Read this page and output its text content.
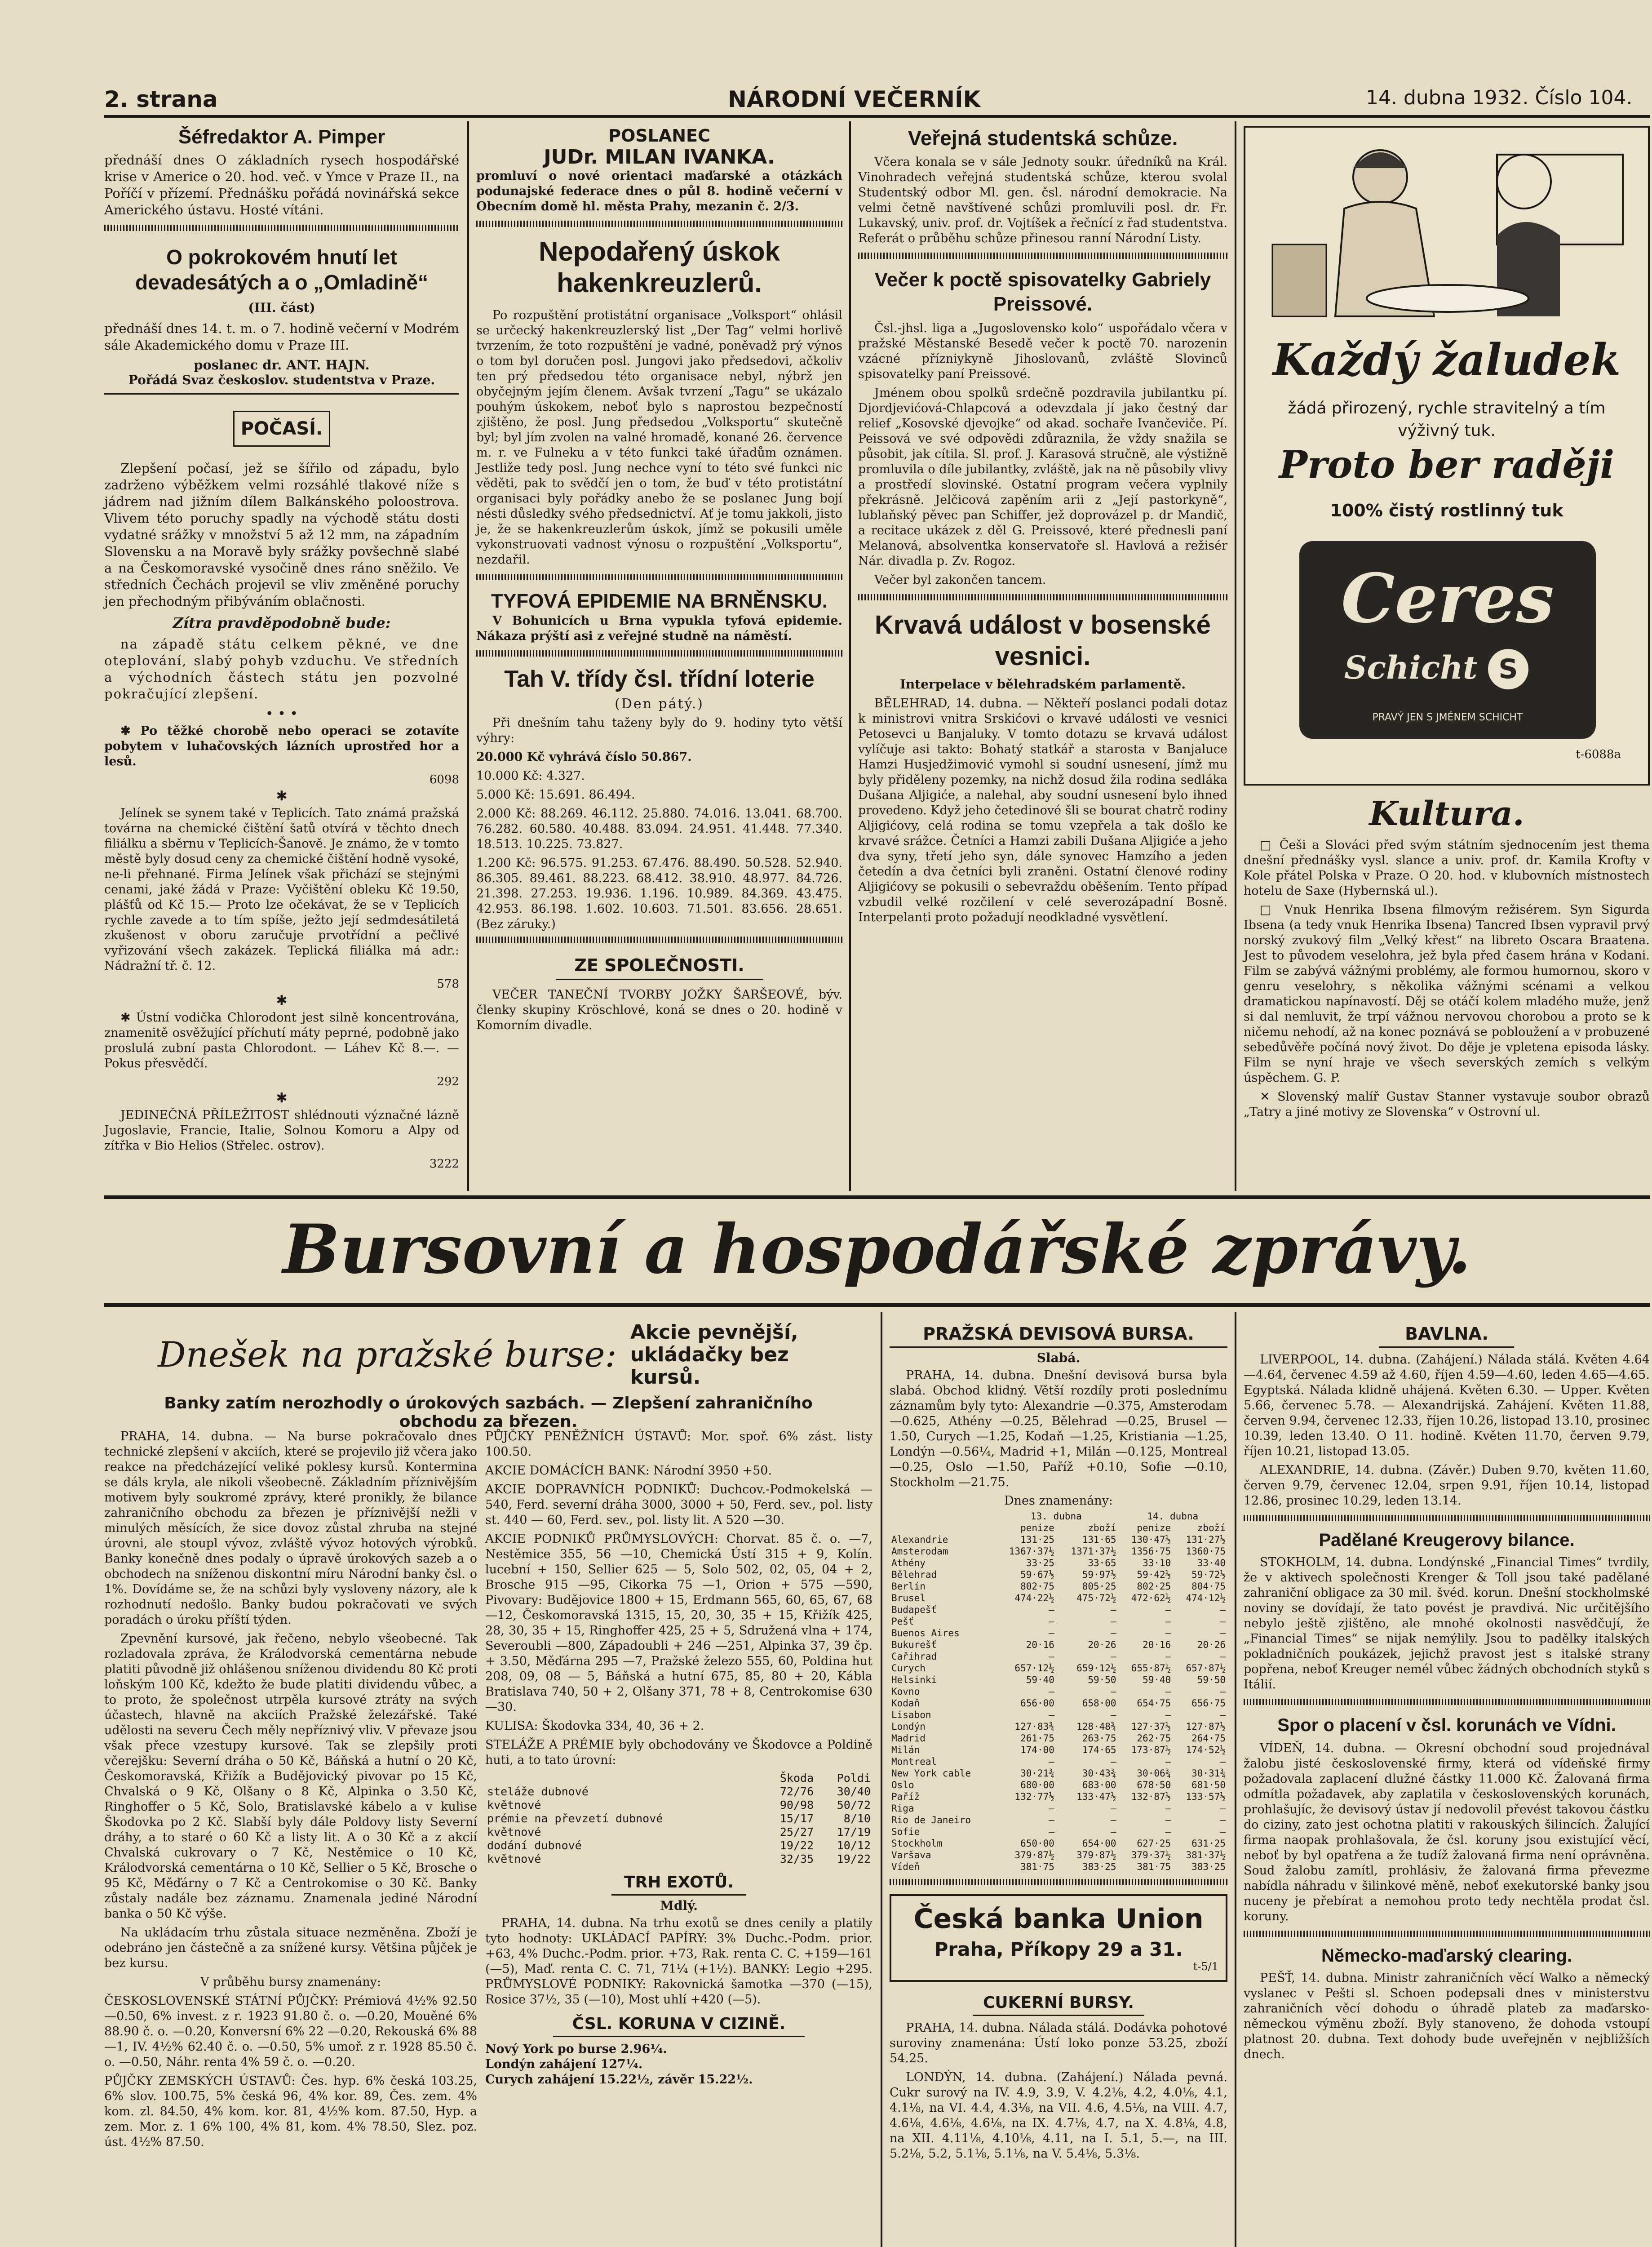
2. strana	NÁRODNÍ VEČERNÍK	14. dubna 1932. Číslo 104.
Šéfredaktor A. Pimper

přednáší dnes O základních rysech hospodářské krise v Americe o 20. hod. več. v Ymce v Praze II., na Poříčí v přízemí. Přednášku pořádá novinářská sekce Amerického ústavu. Hosté vítáni.

O pokrokovém hnutí let devadesátých a o „Omladině“
(III. část)

přednáší dnes 14. t. m. o 7. hodině večerní v Modrém sále Akademického domu v Praze III.

poslanec dr. ANT. HAJN.
Pořádá Svaz českoslov. studentstva v Praze.
POČASÍ.

Zlepšení počasí, jež se šířilo od západu, bylo zadrženo výběžkem velmi rozsáhlé tlakové níže s jádrem nad jižním dílem Balkánského poloostrova. Vlivem této poruchy spadly na východě státu dosti vydatné srážky v množství 5 až 12 mm, na západním Slovensku a na Moravě byly srážky povšechně slabé a na Českomoravské vysočině dnes ráno sněžilo. Ve středních Čechách projevil se vliv změněné poruchy jen přechodným přibýváním oblačnosti.

Zítra pravděpodobně bude:

na západě státu celkem pěkné, ve dne oteplování, slabý pohyb vzduchu. Ve středních a východních částech státu jen pozvolné pokračující zlepšení.

• • •

✱ Po těžké chorobě nebo operaci se zotavíte pobytem v luhačovských lázních uprostřed hor a lesů.

6098
✱

Jelínek se synem také v Teplicích. Tato známá pražská továrna na chemické čištění šatů otvírá v těchto dnech filiálku a sběrnu v Teplicích-Šanově. Je známo, že v tomto městě byly dosud ceny za chemické čištění hodně vysoké, ne-li přehnané. Firma Jelínek však přichází se stejnými cenami, jaké žádá v Praze: Vyčištění obleku Kč 19.50, plášťů od Kč 15.— Proto lze očekávat, že se v Teplicích rychle zavede a to tím spíše, ježto její sedmdesátiletá zkušenost v oboru zaručuje prvotřídní a pečlivé vyřizování všech zakázek. Teplická filiálka má adr.: Nádražní tř. č. 12.

578
✱

✱ Ústní vodička Chlorodont jest silně koncentrována, znamenitě osvěžující příchutí máty peprné, podobně jako proslulá zubní pasta Chlorodont. — Láhev Kč 8.—. — Pokus přesvědčí.

292
✱

JEDINEČNÁ PŘÍLEŽITOST shlédnouti význačné lázně Jugoslavie, Francie, Italie, Solnou Komoru a Alpy od zítřka v Bio Helios (Střelec. ostrov).

3222
POSLANEC
JUDr. MILAN IVANKA.

promluví o nové orientaci maďarské a otázkách podunajské federace dnes o půl 8. hodině večerní v Obecním domě hl. města Prahy, mezanin č. 2/3.

Nepodařený úskok hakenkreuzlerů.

Po rozpuštění protistátní organisace „Volksport“ ohlásil se určecký hakenkreuzlerský list „Der Tag“ velmi horlivě tvrzením, že toto rozpuštění je vadné, poněvadž prý výnos o tom byl doručen posl. Jungovi jako předsedovi, ačkoliv ten prý předsedou této organisace nebyl, nýbrž jen obyčejným jejím členem. Avšak tvrzení „Tagu“ se ukázalo pouhým úskokem, neboť bylo s naprostou bezpečností zjištěno, že posl. Jung předsedou „Volksportu“ skutečně byl; byl jím zvolen na valné hromadě, konané 26. července m. r. ve Fulneku a v této funkci také úřadům oznámen. Jestliže tedy posl. Jung nechce vyní to této své funkci nic věděti, pak to svědčí jen o tom, že buď v této protistátní organisaci byly pořádky anebo že se poslanec Jung bojí nésti důsledky svého předsednictví. Ať je tomu jakkoli, jisto je, že se hakenkreuzlerům úskok, jímž se pokusili uměle vykonstruovati vadnost výnosu o rozpuštění „Volksportu“, nezdařil.

TYFOVÁ EPIDEMIE NA BRNĚNSKU.

V Bohunicích u Brna vypukla tyfová epidemie. Nákaza prýští asi z veřejné studně na náměstí.

Tah V. třídy čsl. třídní loterie
(Den pátý.)

Při dnešním tahu taženy byly do 9. hodiny tyto větší výhry:

20.000 Kč vyhrává číslo 50.867.

10.000 Kč: 4.327.

5.000 Kč: 15.691. 86.494.

2.000 Kč: 88.269. 46.112. 25.880. 74.016. 13.041. 68.700. 76.282. 60.580. 40.488. 83.094. 24.951. 41.448. 77.340. 18.513. 10.225. 73.827.

1.200 Kč: 96.575. 91.253. 67.476. 88.490. 50.528. 52.940. 86.305. 89.461. 88.223. 68.412. 38.910. 48.977. 84.726. 21.398. 27.253. 19.936. 1.196. 10.989. 84.369. 43.475. 42.953. 86.198. 1.602. 10.603. 71.501. 83.656. 28.651. (Bez záruky.)

ZE SPOLEČNOSTI.

VEČER TANEČNÍ TVORBY JOŽKY ŠARŠEOVÉ, býv. členky skupiny Kröschlové, koná se dnes o 20. hodině v Komorním divadle.

Veřejná studentská schůze.

Včera konala se v sále Jednoty soukr. úředníků na Král. Vinohradech veřejná studentská schůze, kterou svolal Studentský odbor Ml. gen. čsl. národní demokracie. Na velmi četně navštívené schůzi promluvili posl. dr. Fr. Lukavský, univ. prof. dr. Vojtíšek a řečnící z řad studentstva. Referát o průběhu schůze přinesou ranní Národní Listy.

Večer k poctě spisovatelky Gabriely Preissové.

Čsl.-jhsl. liga a „Jugoslovensko kolo“ uspořádalo včera v pražské Městanské Besedě večer k poctě 70. narozenin vzácné přízniykyně Jihoslovanů, zvláště Slovinců spisovatelky paní Preissové.

Jménem obou spolků srdečně pozdravila jubilantku pí. Djordjevićová-Chlapcová a odevzdala jí jako čestný dar relief „Kosovské djevojke“ od akad. sochaře Ivančeviče. Pí. Peissová ve své odpovědi zdůraznila, že vždy snažila se působit, jak cítila. Sl. prof. J. Karasová stručně, ale výstižně promluvila o díle jubilantky, zvláště, jak na ně působily vlivy a prostředí slovinské. Ostatní program večera vyplnily překrásně. Jelčicová zapěním arii z „Její pastorkyně“, lublaňský pěvec pan Schiffer, jež doprovázel p. dr Mandič, a recitace ukázek z děl G. Preissové, které přednesli paní Melanová, absolventka konservatoře sl. Havlová a režisér Nár. divadla p. Zv. Rogoz.

Večer byl zakončen tancem.

Krvavá událost v bosenské vesnici.
Interpelace v bělehradském parlamentě.

BĚLEHRAD, 14. dubna. — Někteří poslanci podali dotaz k ministrovi vnitra Srskićovi o krvavé události ve vesnici Petosevci u Banjaluky. V tomto dotazu se krvavá událost vylíčuje asi takto: Bohatý statkář a starosta v Banjaluce Hamzi Husjedžimović vymohl si soudní usnesení, jímž mu byly přiděleny pozemky, na nichž dosud žila rodina sedláka Dušana Aljigiće, a nalehal, aby soudní usnesení bylo ihned provedeno. Když jeho četedinové šli se bourat chatrč rodiny Aljigićovy, celá rodina se tomu vzepřela a tak došlo ke krvavé srážce. Četníci a Hamzi zabili Dušana Aljigiće a jeho dva syny, třetí jeho syn, dále synovec Hamzího a jeden četedín a dva četníci byli zraněni. Ostatní členové rodiny Aljigićovy se pokusili o sebevraždu oběšením. Tento případ vzbudil velké rozčilení v celé severozápadní Bosně. Interpelanti proto požadují neodkladné vysvětlení.

Každý žaludek
žádá přirozený, rychle stravitelný a tím výživný tuk.
Proto ber raději
100% čistý rostlinný tuk
Ceres
Schicht S
PRAVÝ JEN S JMÉNEM SCHICHT
t-6088a
Kultura.

□ Češi a Slováci před svým státním sjednocením jest thema dnešní přednášky vysl. slance a univ. prof. dr. Kamila Krofty v Kole přátel Polska v Praze. O 20. hod. v klubovních místnostech hotelu de Saxe (Hybernská ul.).

□ Vnuk Henrika Ibsena filmovým režisérem. Syn Sigurda Ibsena (a tedy vnuk Henrika Ibsena) Tancred Ibsen vypravil prvý norský zvukový film „Velký křest“ na libreto Oscara Braatena. Jest to původem veselohra, jež byla před časem hrána v Kodani. Film se zabývá vážnými problémy, ale formou humornou, skoro v genru veselohry, s několika vážnými scénami a velkou dramatickou napínavostí. Děj se otáčí kolem mladého muže, jenž si dal nemluvit, že trpí vážnou nervovou chorobou a proto se k ničemu nehodí, až na konec poznává se pobloužení a v probuzené sebedůvěře počíná nový život. Do děje je vpletena episoda lásky. Film se nyní hraje ve všech severských zemích s velkým úspěchem. G. P.

✕ Slovenský malíř Gustav Stanner vystavuje soubor obrazů „Tatry a jiné motivy ze Slovenska“ v Ostrovní ul.

Bursovní a hospodářské zprávy.
Dnešek na pražské burse:
Akcie pevnější, ukládačky bez kursů.
Banky zatím nerozhodly o úrokových sazbách. — Zlepšení zahraničního obchodu za březen.

PRAHA, 14. dubna. — Na burse pokračovalo dnes technické zlepšení v akciích, které se projevilo již včera jako reakce na předcházející veliké poklesy kursů. Kontermina se dáls kryla, ale nikoli všeobecně. Základním příznivějším motivem byly soukromé zprávy, které pronikly, že bilance zahraničního obchodu za březen je příznivější nežli v minulých měsících, že sice dovoz zůstal zhruba na stejné úrovni, ale stoupl vývoz, zvláště vývoz hotových výrobků. Banky konečně dnes podaly o úpravě úrokových sazeb a o obchodech na sníženou diskontní míru Národní banky čsl. o 1%. Dovídáme se, že na schůzi byly vysloveny názory, ale k rozhodnutí nedošlo. Banky budou pokračovati ve svých poradách o úroku příští týden.

Zpevnění kursové, jak řečeno, nebylo všeobecné. Tak rozladovala zpráva, že Králodvorská cementárna nebude platiti původně již ohlášenou sníženou dividendu 80 Kč proti loňským 100 Kč, kdežto že bude platiti dividendu vůbec, a to proto, že společnost utrpěla kursové ztráty na svých účastech, hlavně na akciích Pražské železářské. Také udělosti na severu Čech měly nepříznivý vliv. V převaze jsou však přece vzestupy kursové. Tak se zlepšily proti včerejšku: Severní dráha o 50 Kč, Báňská a hutní o 20 Kč, Českomoravská, Křižík a Budějovický pivovar po 15 Kč, Chvalská o 9 Kč, Olšany o 8 Kč, Alpinka o 3.50 Kč, Ringhoffer o 5 Kč, Solo, Bratislavské kábelo a v kulise Škodovka po 2 Kč. Slabší byly dále Poldovy listy Severní dráhy, a to staré o 60 Kč a listy lit. A o 30 Kč a z akcií Chvalská cukrovary o 7 Kč, Nestěmice o 10 Kč, Králodvorská cementárna o 10 Kč, Sellier o 5 Kč, Brosche o 95 Kč, Měďárny o 7 Kč a Centrokomise o 30 Kč. Banky zůstaly nadále bez záznamu. Znamenala jediné Národní banka o 50 Kč výše.

Na ukládacím trhu zůstala situace nezměněna. Zboží je odebráno jen částečně a za snížené kursy. Většina půjček je bez kursu.

V průběhu bursy znamenány:

ČESKOSLOVENSKÉ STÁTNÍ PŮJČKY: Prémiová 4½% 92.50 —0.50, 6% invest. z r. 1923 91.80 č. o. —0.20, Mouěné 6% 88.90 č. o. —0.20, Konversní 6% 22 —0.20, Rekouská 6% 88 —1, IV. 4½% 62.40 č. o. —0.50, 5% umoř. z r. 1928 85.50 č. o. —0.50, Náhr. renta 4% 59 č. o. —0.20.

PŮJČKY ZEMSKÝCH ÚSTAVŮ: Čes. hyp. 6% česká 103.25, 6% slov. 100.75, 5% česká 96, 4% kor. 89, Čes. zem. 4% kom. zl. 84.50, 4% kom. kor. 81, 4½% kom. 87.50, Hyp. a zem. Mor. z. 1 6% 100, 4% 81, kom. 4% 78.50, Slez. poz. úst. 4½% 87.50.

PŮJČKY PENĚŽNÍCH ÚSTAVŮ: Mor. spoř. 6% zást. listy 100.50.

AKCIE DOMÁCÍCH BANK: Národní 3950 +50.

AKCIE DOPRAVNÍCH PODNIKŮ: Duchcov.-Podmokelská —540, Ferd. severní dráha 3000, 3000 + 50, Ferd. sev., pol. listy st. 440 — 60, Ferd. sev., pol. listy lit. A 520 —30.

AKCIE PODNIKŮ PRŮMYSLOVÝCH: Chorvat. 85 č. o. —7, Nestěmice 355, 56 —10, Chemická Ústí 315 + 9, Kolín. lucební + 150, Sellier 625 — 5, Solo 502, 02, 05, 04 + 2, Brosche 915 —95, Cikorka 75 —1, Orion + 575 —590, Pivovary: Budějovice 1800 + 15, Erdmann 565, 60, 65, 67, 68 —12, Českomoravská 1315, 15, 20, 30, 35 + 15, Křižík 425, 28, 30, 35 + 15, Ringhoffer 425, 25 + 5, Sdružená vlna + 174, Severoubli —800, Západoubli + 246 —251, Alpinka 37, 39 čp. + 3.50, Měďárna 295 —7, Pražské železo 555, 60, Poldina hut 208, 09, 08 — 5, Báňská a hutní 675, 85, 80 + 20, Kábla Bratislava 740, 50 + 2, Olšany 371, 78 + 8, Centrokomise 630 —30.

KULISA: Škodovka 334, 40, 36 + 2.

STELÁŽE A PRÉMIE byly obchodovány ve Škodovce a Poldině huti, a to tato úrovní:

	Škoda	Poldi
steláže dubnové	72/76	30/40
květnové	90/98	50/72
prémie na převzetí dubnové	15/17	8/10
květnové	25/27	17/19
dodání dubnové	19/22	10/12
květnové	32/35	19/22
TRH EXOTŮ.
Mdlý.

PRAHA, 14. dubna. Na trhu exotů se dnes cenily a platily tyto hodnoty: UKLÁDACÍ PAPÍRY: 3% Duchc.-Podm. prior. +63, 4% Duchc.-Podm. prior. +73, Rak. renta C. C. +159—161 (—5), Maď. renta C. C. 71, 71¼ (+1½). BANKY: Legio +295. PRŮMYSLOVÉ PODNIKY: Rakovnická šamotka —370 (—15), Rosice 37½, 35 (—10), Most uhlí +420 (—5).

ČSL. KORUNA V CIZINĚ.

Nový York po burse 2.96¼.

Londýn zahájení 127¼.

Curych zahájení 15.22½, závěr 15.22½.

PRAŽSKÁ DEVISOVÁ BURSA.
Slabá.

PRAHA, 14. dubna. Dnešní devisová bursa byla slabá. Obchod klidný. Větší rozdíly proti poslednímu záznamům byly tyto: Alexandrie —0.375, Amsterodam —0.625, Athény —0.25, Bělehrad —0.25, Brusel —1.50, Curych —1.25, Kodaň —1.25, Kristiania —1.25, Londýn —0.56¼, Madrid +1, Milán —0.125, Montreal —0.25, Oslo —1.50, Paříž +0.10, Sofie —0.10, Stockholm —21.75.

Dnes znamenány:
	13. dubna		14. dubna	
	penize	zboží	penize	zboží
Alexandrie	131·25	131·65	130·47½	131·27½
Amsterodam	1367·37½	1371·37½	1356·75	1360·75
Athény	33·25	33·65	33·10	33·40
Bělehrad	59·67½	59·97½	59·42½	59·72½
Berlín	802·75	805·25	802·25	804·75
Brusel	474·22½	475·72½	472·62½	474·12½
Budapešť	—	—	—	—
Pešť	—	—	—	—
Buenos Aires	—	—	—	—
Bukurešť	20·16	20·26	20·16	20·26
Cařihrad	—	—	—	—
Curych	657·12½	659·12½	655·87½	657·87½
Helsinki	59·40	59·50	59·40	59·50
Kovno	—	—	—	—
Kodaň	656·00	658·00	654·75	656·75
Lisabon	—	—	—	—
Londýn	127·83¾	128·48¾	127·37½	127·87½
Madrid	261·75	263·75	262·75	264·75
Milán	174·00	174·65	173·87½	174·52½
Montreal	—	—	—	—
New York cable	30·21¾	30·43¾	30·06¾	30·31¾
Oslo	680·00	683·00	678·50	681·50
Paříž	132·77½	133·47½	132·87½	133·57½
Riga	—	—	—	—
Rio de Janeiro	—	—	—	—
Sofie	—	—	—	—
Stockholm	650·00	654·00	627·25	631·25
Varšava	379·87½	379·87½	379·37½	381·37½
Vídeň	381·75	383·25	381·75	383·25
Česká banka Union
Praha, Příkopy 29 a 31.
t-5/1
CUKERNÍ BURSY.

PRAHA, 14. dubna. Nálada stálá. Dodávka pohotové suroviny znamenána: Ústí loko ponze 53.25, zboží 54.25.

LONDÝN, 14. dubna. (Zahájení.) Nálada pevná. Cukr surový na IV. 4.9, 3.9, V. 4.2⅛, 4.2, 4.0⅛, 4.1, 4.1⅛, na VI. 4.4, 4.3⅛, na VII. 4.6, 4.5⅛, na VIII. 4.7, 4.6⅛, 4.6⅛, 4.6⅛, na IX. 4.7⅛, 4.7, na X. 4.8⅛, 4.8, na XII. 4.11⅛, 4.10⅛, 4.11, na I. 5.1, 5.—, na III. 5.2⅛, 5.2, 5.1⅛, 5.1⅛, na V. 5.4⅛, 5.3⅛.

BAVLNA.

LIVERPOOL, 14. dubna. (Zahájení.) Nálada stálá. Květen 4.64—4.64, červenec 4.59 až 4.60, říjen 4.59—4.60, leden 4.65—4.65. Egyptská. Nálada klidně uhájená. Květen 6.30. — Upper. Květen 5.66, červenec 5.78. — Alexandrijská. Zahájení. Květen 11.88, červen 9.94, červenec 12.33, říjen 10.26, listopad 13.10, prosinec 10.39, leden 13.40. O 11. hodině. Květen 11.70, červen 9.79, říjen 10.21, listopad 13.05.

ALEXANDRIE, 14. dubna. (Závěr.) Duben 9.70, květen 11.60, červen 9.79, červenec 12.04, srpen 9.91, říjen 10.14, listopad 12.86, prosinec 10.29, leden 13.14.

Padělané Kreugerovy bilance.

STOKHOLM, 14. dubna. Londýnské „Financial Times“ tvrdily, že v aktivech společnosti Krenger & Toll jsou také padělané zahraniční obligace za 30 mil. švéd. korun. Dnešní stockholmské noviny se dovídají, že tato povést je pravdivá. Nic určitějšího nebylo ještě zjištěno, ale mnohé okolnosti nasvědčují, že „Financial Times“ se nijak nemýlily. Jsou to padělky italských pokladničních poukázek, jejichž pravost jest s italské strany popřena, neboť Kreuger nemél vůbec žádných obchodních styků s Itálií.

Spor o placení v čsl. korunách ve Vídni.

VÍDEŇ, 14. dubna. — Okresní obchodní soud projednával žalobu jisté československé firmy, která od vídeňské firmy požadovala zaplacení dlužné částky 11.000 Kč. Žalovaná firma odmítla požadavek, aby zaplatila v československých korunách, prohlašujíc, že devisový ústav jí nedovolil převést takovou částku do ciziny, zato jest ochotna platiti v rakouských šilincích. Žalující firma naopak prohlašovala, že čsl. koruny jsou existující věcí, neboť by byl opatřena a že tudíž žalovaná firma není oprávněna. Soud žalobu zamítl, prohlásiv, že žalovaná firma převezme nabídla náhradu v šilinkové měně, neboť exekutorské banky jsou nuceny je přebírat a nemohou proto tedy nechtěla prodat čsl. koruny.

Německo-maďarský clearing.

PEŠŤ, 14. dubna. Ministr zahraničních věcí Walko a německý vyslanec v Pešti sl. Schoen podepsali dnes v ministerstvu zahraničních věcí dohodu o úhradě plateb za maďarsko-německou výměnu zboží. Byly stanoveno, že dohoda vstoupí platnost 20. dubna. Text dohody bude uveřejněn v nejbližších dnech.
